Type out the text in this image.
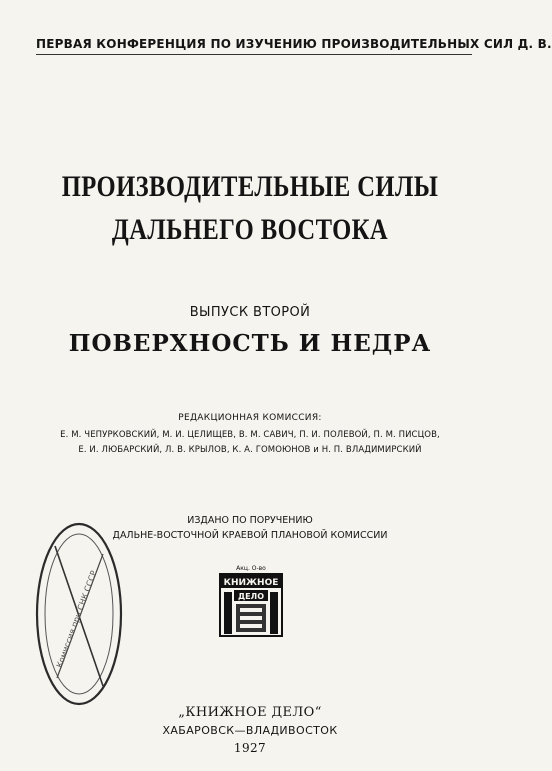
ПЕРВАЯ КОНФЕРЕНЦИЯ ПО ИЗУЧЕНИЮ ПРОИЗВОДИТЕЛЬНЫХ СИЛ Д. В.
ПРОИЗВОДИТЕЛЬНЫЕ СИЛЫ
ДАЛЬНЕГО ВОСТОКА
ВЫПУСК ВТОРОЙ
ПОВЕРХНОСТЬ И НЕДРА
РЕДАКЦИОННАЯ КОМИССИЯ:
Е. М. ЧЕПУРКОВСКИЙ, М. И. ЦЕЛИЩЕВ, В. М. САВИЧ, П. И. ПОЛЕВОЙ, П. М. ПИСЦОВ,
Е. И. ЛЮБАРСКИЙ, Л. В. КРЫЛОВ, К. А. ГОМОЮНОВ и Н. П. ВЛАДИМИРСКИЙ
ИЗДАНО ПО ПОРУЧЕНИЮ
ДАЛЬНЕ-ВОСТОЧНОЙ КРАЕВОЙ ПЛАНОВОЙ КОМИССИИ
Комиссия при СНК СССР	КНИЖНОЕ
Акц. О-во
ДЕЛО
„КНИЖНОЕ ДЕЛО“
ХАБАРОВСК—ВЛАДИВОСТОК
1927
